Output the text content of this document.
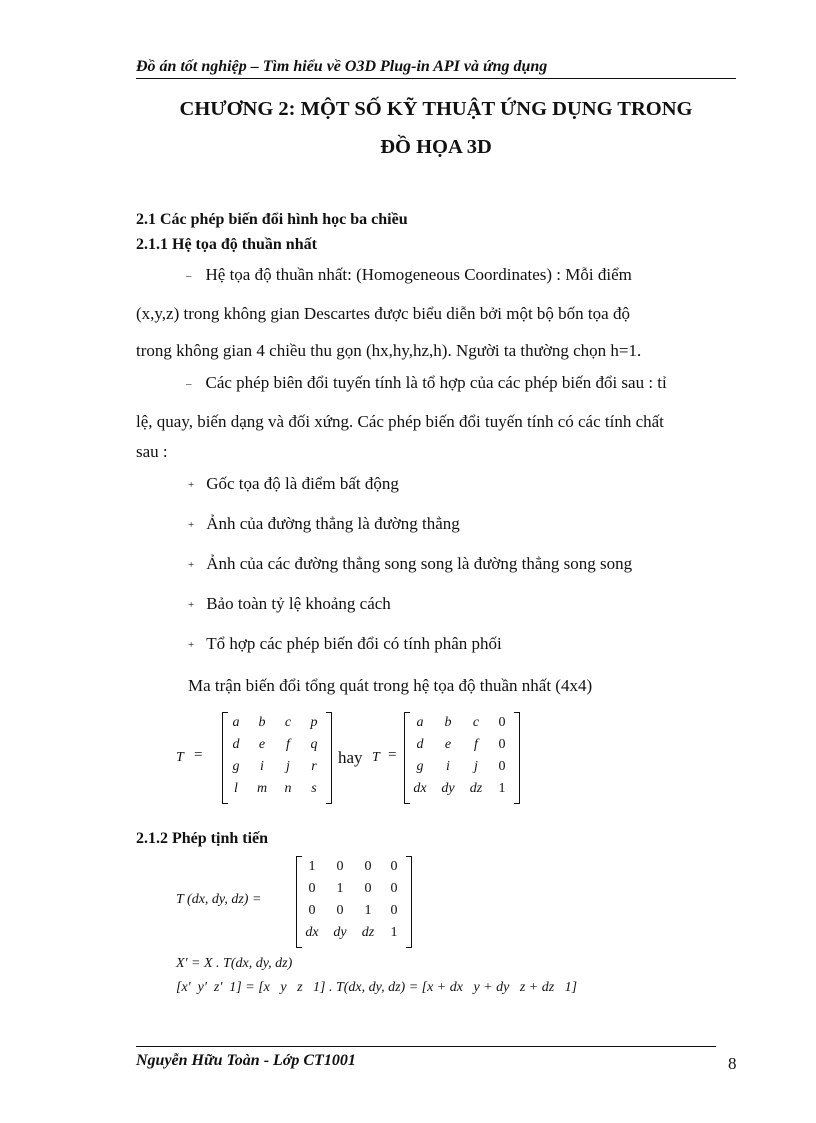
Đồ án tốt nghiệp – Tìm hiểu về O3D Plug-in API và ứng dụng
CHƯƠNG 2: MỘT SỐ KỸ THUẬT ỨNG DỤNG TRONG
ĐỒ HỌA 3D
2.1 Các phép biến đổi hình học ba chiều
2.1.1 Hệ tọa độ thuần nhất
– Hệ tọa độ thuần nhất: (Homogeneous Coordinates) : Mỗi điểm
(x,y,z) trong không gian Descartes được biểu diễn bởi một bộ bốn tọa độ
trong không gian 4 chiều thu gọn (hx,hy,hz,h). Người ta thường chọn h=1.
– Các phép biên đổi tuyến tính là tổ hợp của các phép biến đổi sau : tỉ
lệ, quay, biến dạng và đối xứng. Các phép biến đổi tuyến tính có các tính chất
sau :
+ Gốc tọa độ là điểm bất động
+ Ảnh của đường thẳng là đường thẳng
+ Ảnh của các đường thẳng song song là đường thẳng song song
+ Bảo toàn tỷ lệ khoảng cách
+ Tổ hợp các phép biến đổi có tính phân phối
Ma trận biến đổi tổng quát trong hệ tọa độ thuần nhất (4x4)
T =
a	b	c	p
d	e	f	q
g	i	j	r
l	m	n	s
hay T =
a	b	c	0
d	e	f	0
g	i	j	0
dx	dy	dz	1
2.1.2 Phép tịnh tiến
T (dx, dy, dz) =
1	0	0	0
0	1	0	0
0	0	1	0
dx	dy	dz	1
X' = X . T(dx, dy, dz)
[x'  y'  z'  1] = [x   y   z   1] . T(dx, dy, dz) = [x + dx   y + dy   z + dz   1]
Nguyễn Hữu Toàn - Lớp CT1001	8
